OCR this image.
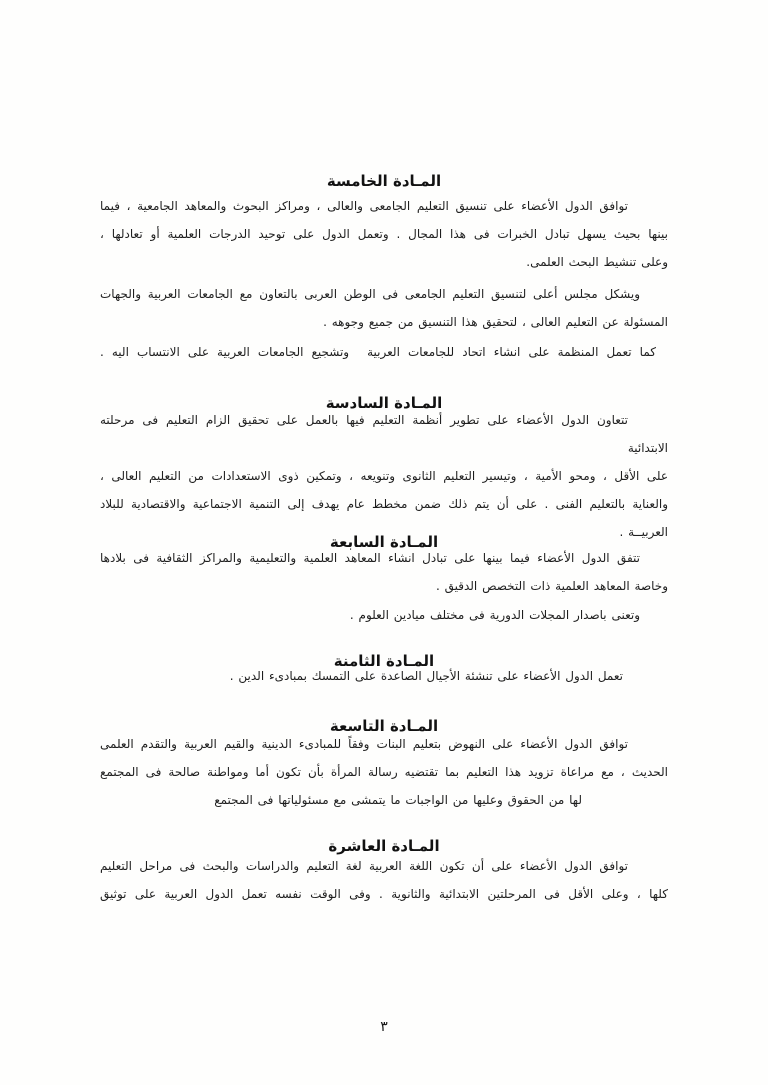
المـادة الخامسة
توافق الدول الأعضاء على تنسيق التعليم الجامعى والعالى ، ومراكز البحوث والمعاهد الجامعية ، فيما
بينها بحيث يسهل تبادل الخبرات فى هذا المجال . وتعمل الدول على توحيد الدرجات العلمية أو تعادلها ،
وعلى تنشيط البحث العلمى.
ويشكل مجلس أعلى لتنسيق التعليم الجامعى فى الوطن العربى بالتعاون مع الجامعات العربية والجهات
المسئولة عن التعليم العالى ، لتحقيق هذا التنسيق من جميع وجوهه .
كما تعمل المنظمة على انشاء اتحاد للجامعات العربية  وتشجيع الجامعات العربية على الانتساب اليه .
المـادة السادسة
تتعاون الدول الأعضاء على تطوير أنظمة التعليم فيها بالعمل على تحقيق الزام التعليم فى مرحلته الابتدائية
على الأقل ، ومحو الأمية ، وتيسير التعليم الثانوى وتنويعه ، وتمكين ذوى الاستعدادات من التعليم العالى ،
والعناية بالتعليم الفنى . على أن يتم ذلك ضمن مخطط عام يهدف إلى التنمية الاجتماعية والاقتصادية للبلاد
العربيــة .
المـادة السابعة
تتفق الدول الأعضاء فيما بينها على تبادل انشاء المعاهد العلمية والتعليمية والمراكز الثقافية فى بلادها
وخاصة المعاهد العلمية ذات التخصص الدقيق .
وتعنى باصدار المجلات الدورية فى مختلف ميادين العلوم .
المـادة الثامنة
تعمل الدول الأعضاء على تنشئة الأجيال الصاعدة على التمسك بمبادىء الدين .
المـادة التاسعة
توافق الدول الأعضاء على النهوض بتعليم البنات وفقاً للمبادىء الدينية والقيم العربية والتقدم العلمى
الحديث ، مع مراعاة تزويد هذا التعليم بما تقتضيه رسالة المرأة بأن تكون أما ومواطنة صالحة فى المجتمع
لها من الحقوق وعليها من الواجبات ما يتمشى مع مسئولياتها فى المجتمع
المـادة العاشرة
توافق الدول الأعضاء على أن تكون اللغة العربية لغة التعليم والدراسات والبحث فى مراحل التعليم
كلها ، وعلى الأقل فى المرحلتين الابتدائية والثانوية . وفى الوقت نفسه تعمل الدول العربية على توثيق
٣
